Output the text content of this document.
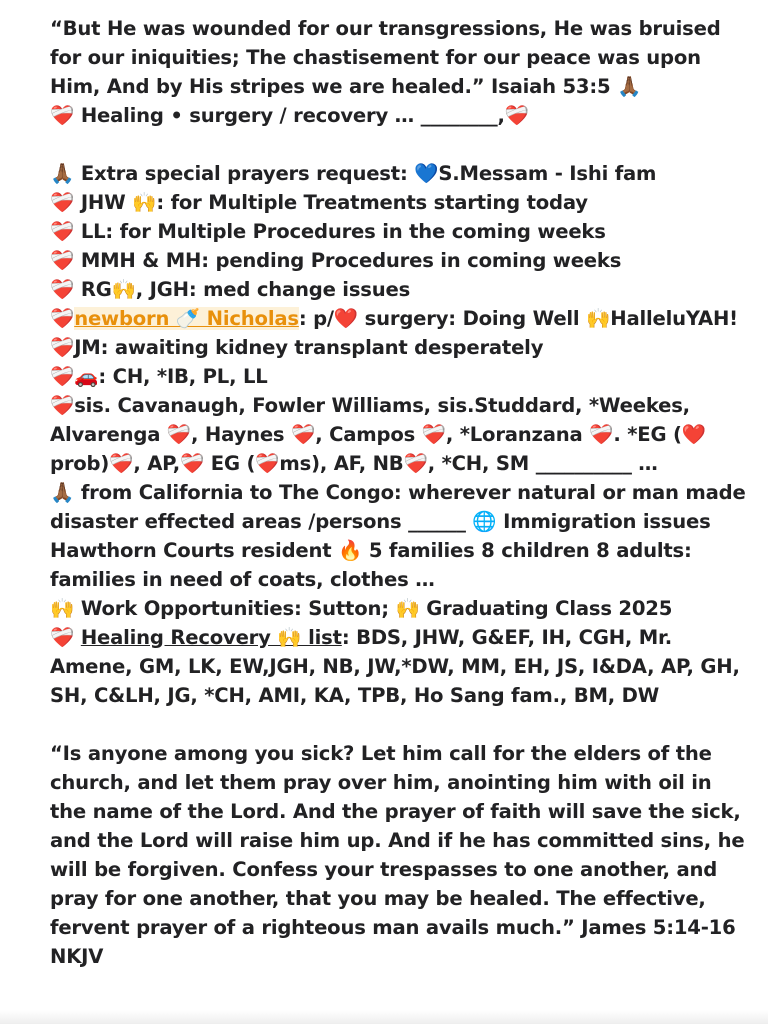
“But He was wounded for our transgressions, He was bruised for our iniquities; The chastisement for our peace was upon Him, And by His stripes we are healed.” Isaiah 53:5 🙏🏾
❤️‍🩹 Healing • surgery / recovery … ________,❤️‍🩹
🙏🏾 Extra special prayers request: 💙S.Messam - Ishi fam
❤️‍🩹 JHW 🙌: for Multiple Treatments starting today
❤️‍🩹 LL: for Multiple Procedures in the coming weeks
❤️‍🩹 MMH & MH: pending Procedures in coming weeks
❤️‍🩹 RG🙌, JGH: med change issues
❤️‍🩹newborn 🍼 Nicholas: p/❤️ surgery: Doing Well 🙌HalleluYAH!
❤️‍🩹JM: awaiting kidney transplant desperately
❤️‍🩹🚗: CH, *IB, PL, LL
❤️‍🩹sis. Cavanaugh, Fowler Williams, sis.Studdard, *Weekes, Alvarenga ❤️‍🩹, Haynes ❤️‍🩹, Campos ❤️‍🩹, *Loranzana ❤️‍🩹. *EG (❤️prob)❤️‍🩹, AP,❤️‍🩹 EG (❤️‍🩹ms), AF, NB❤️‍🩹, *CH, SM __________ …
🙏🏾 from California to The Congo: wherever natural or man made disaster effected areas /persons ______ 🌐 Immigration issues Hawthorn Courts resident 🔥 5 families 8 children 8 adults: families in need of coats, clothes …
🙌 Work Opportunities: Sutton; 🙌 Graduating Class 2025
❤️‍🩹 Healing Recovery 🙌 list: BDS, JHW, G&EF, IH, CGH, Mr. Amene, GM, LK, EW,JGH, NB, JW,*DW, MM, EH, JS, I&DA, AP, GH, SH, C&LH, JG, *CH, AMI, KA, TPB, Ho Sang fam., BM, DW
“Is anyone among you sick? Let him call for the elders of the church, and let them pray over him, anointing him with oil in the name of the Lord. And the prayer of faith will save the sick, and the Lord will raise him up. And if he has committed sins, he will be forgiven. Confess your trespasses to one another, and pray for one another, that you may be healed. The effective, fervent prayer of a righteous man avails much.” James 5:14-16 NKJV
